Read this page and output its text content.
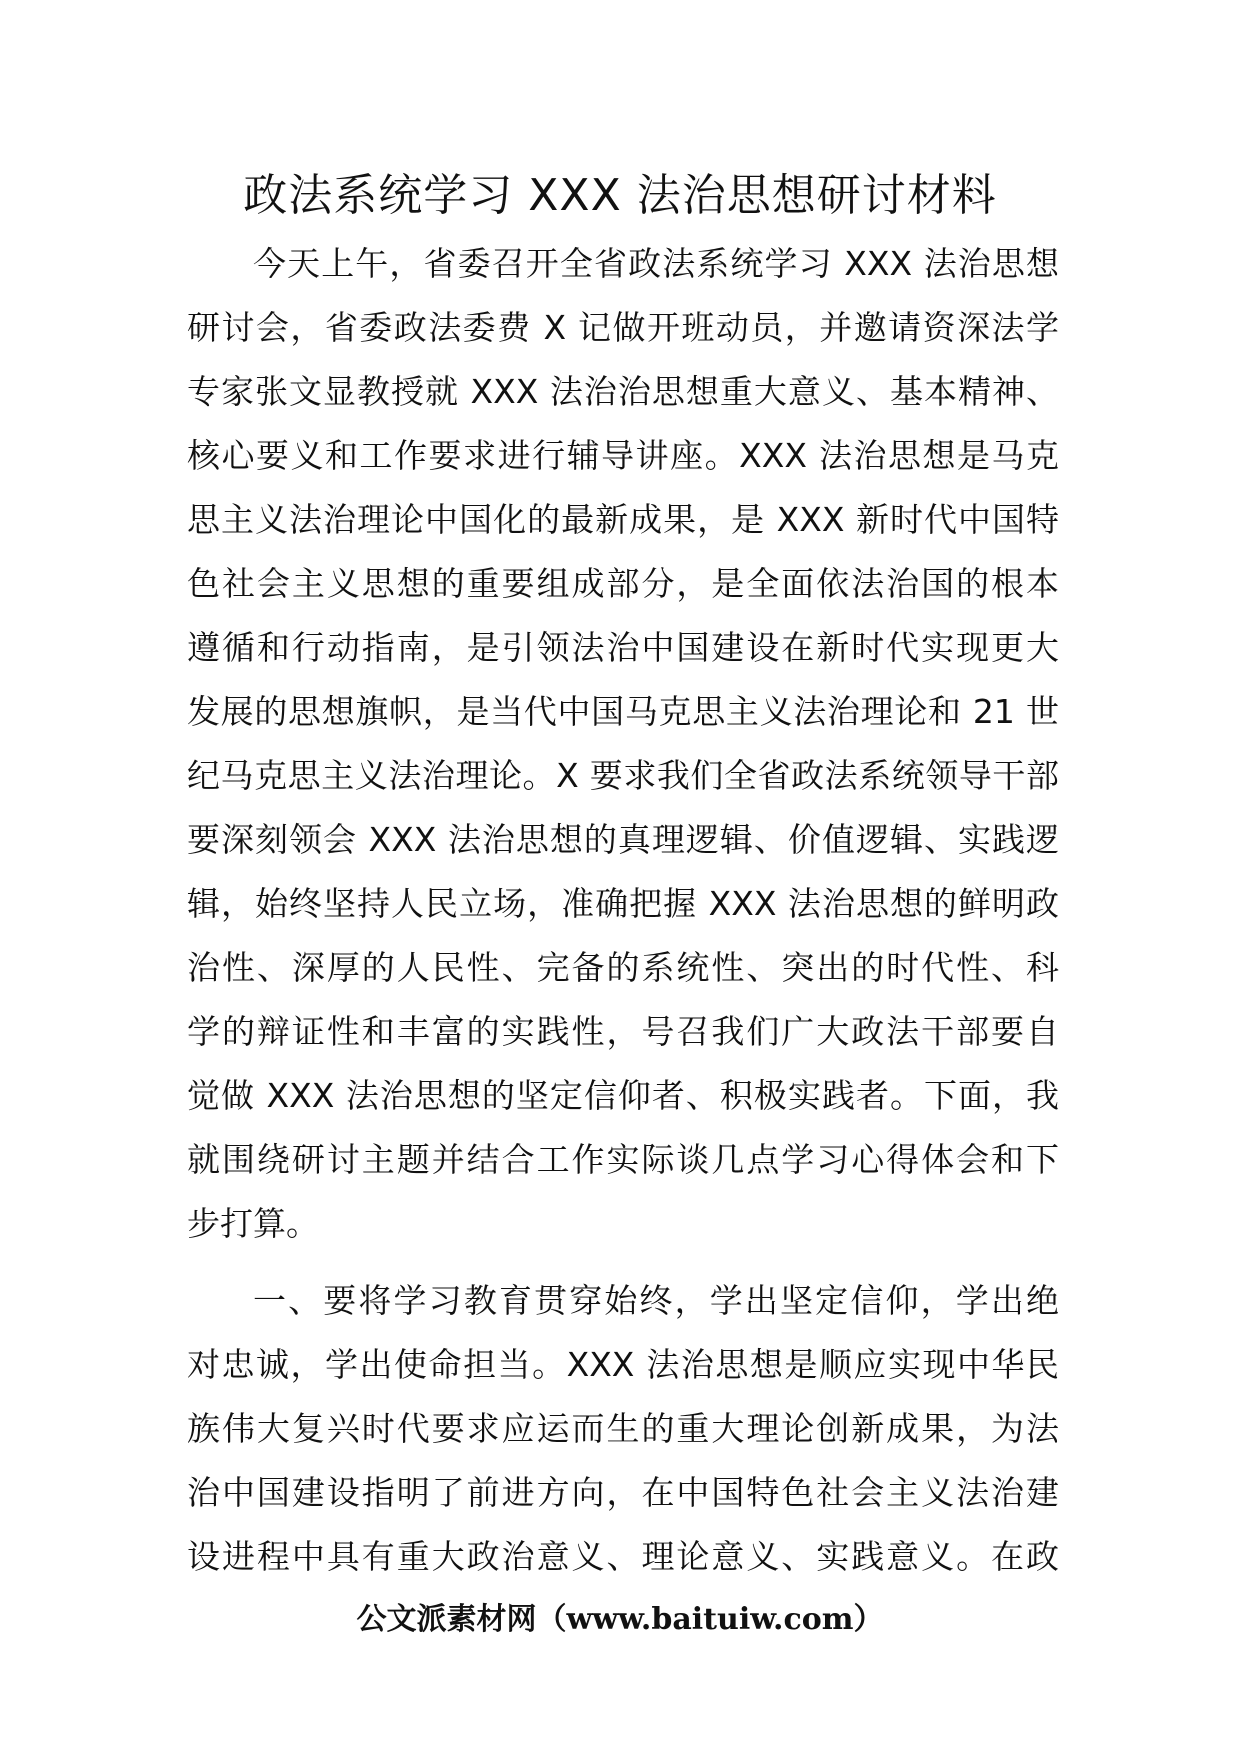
政法系统学习 XXX 法治思想研讨材料
今天上午，省委召开全省政法系统学习 XXX 法治思想
研讨会，省委政法委费 X 记做开班动员，并邀请资深法学
专家张文显教授就 XXX 法治治思想重大意义、基本精神、
核心要义和工作要求进行辅导讲座。XXX 法治思想是马克
思主义法治理论中国化的最新成果，是 XXX 新时代中国特
色社会主义思想的重要组成部分，是全面依法治国的根本
遵循和行动指南，是引领法治中国建设在新时代实现更大
发展的思想旗帜，是当代中国马克思主义法治理论和 21 世
纪马克思主义法治理论。X 要求我们全省政法系统领导干部
要深刻领会 XXX 法治思想的真理逻辑、价值逻辑、实践逻
辑，始终坚持人民立场，准确把握 XXX 法治思想的鲜明政
治性、深厚的人民性、完备的系统性、突出的时代性、科
学的辩证性和丰富的实践性，号召我们广大政法干部要自
觉做 XXX 法治思想的坚定信仰者、积极实践者。下面，我
就围绕研讨主题并结合工作实际谈几点学习心得体会和下
步打算。
一、要将学习教育贯穿始终，学出坚定信仰，学出绝
对忠诚，学出使命担当。XXX 法治思想是顺应实现中华民
族伟大复兴时代要求应运而生的重大理论创新成果，为法
治中国建设指明了前进方向，在中国特色社会主义法治建
设进程中具有重大政治意义、理论意义、实践意义。在政
公文派素材网（www.baituiw.com）
